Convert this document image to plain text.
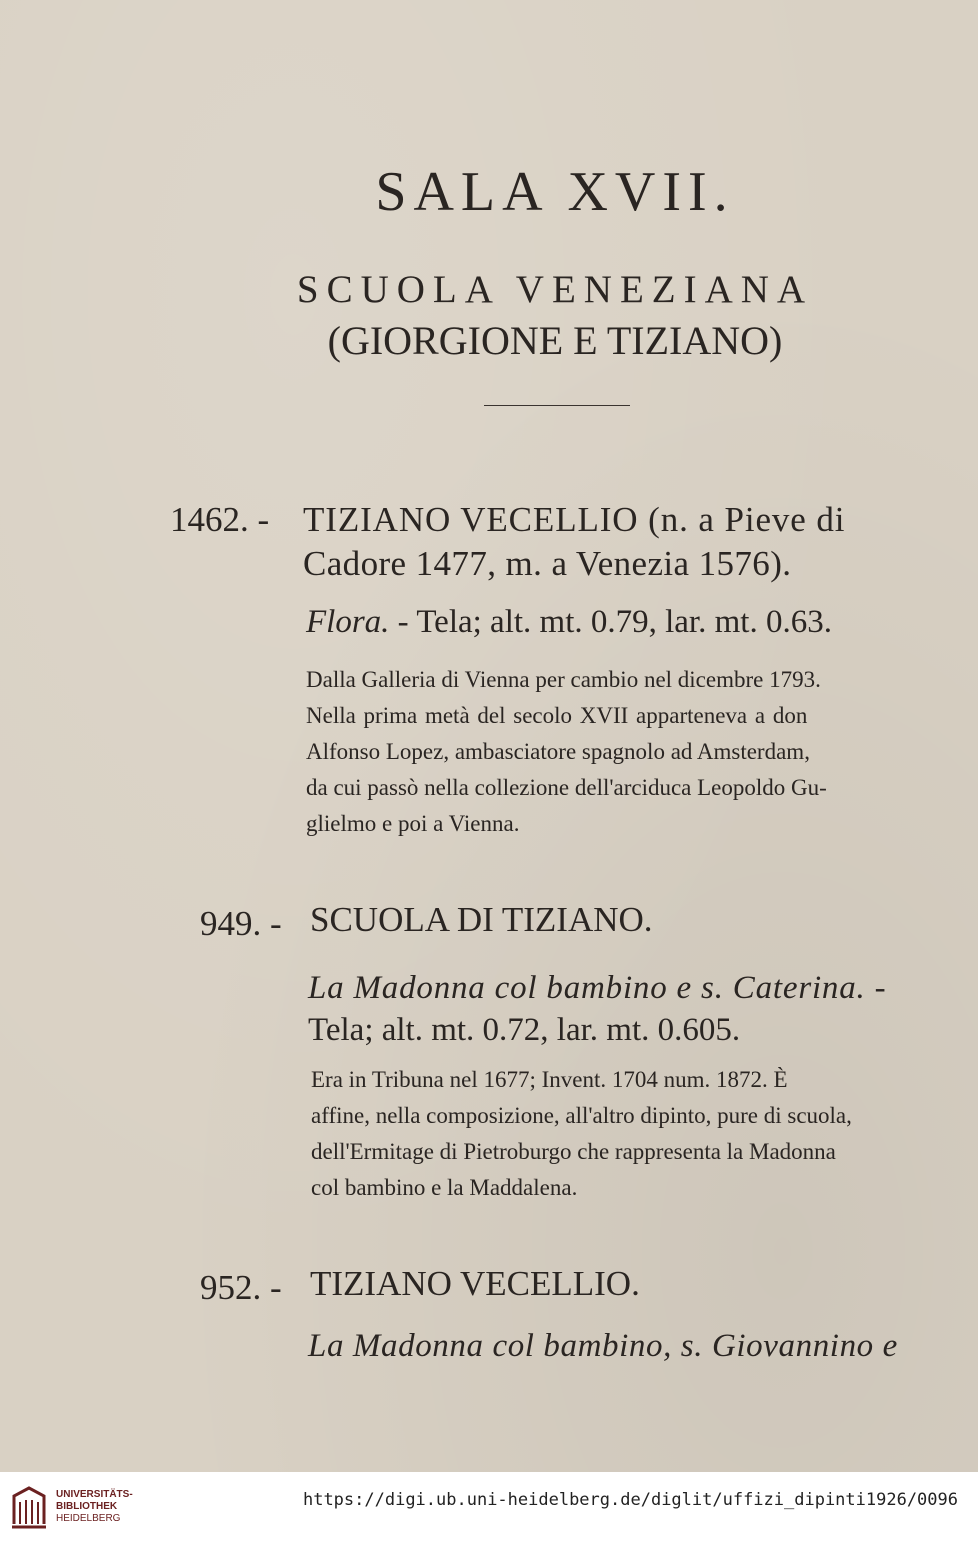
SALA XVII.
SCUOLA VENEZIANA
(GIORGIONE E TIZIANO)
1462. - TIZIANO VECELLIO (n. a Pieve di
Cadore 1477, m. a Venezia 1576).
Flora. - Tela; alt. mt. 0.79, lar. mt. 0.63.
Dalla Galleria di Vienna per cambio nel dicembre 1793.
Nella prima metà del secolo XVII apparteneva a don
Alfonso Lopez, ambasciatore spagnolo ad Amsterdam,
da cui passò nella collezione dell'arciduca Leopoldo Gu-
glielmo e poi a Vienna.
949. - SCUOLA DI TIZIANO.
La Madonna col bambino e s. Caterina. -
Tela; alt. mt. 0.72, lar. mt. 0.605.
Era in Tribuna nel 1677; Invent. 1704 num. 1872. È
affine, nella composizione, all'altro dipinto, pure di scuola,
dell'Ermitage di Pietroburgo che rappresenta la Madonna
col bambino e la Maddalena.
952. - TIZIANO VECELLIO.
La Madonna col bambino, s. Giovannino e
UNIVERSITÄTS-
BIBLIOTHEK
HEIDELBERG
https://digi.ub.uni-heidelberg.de/diglit/uffizi_dipinti1926/0096
